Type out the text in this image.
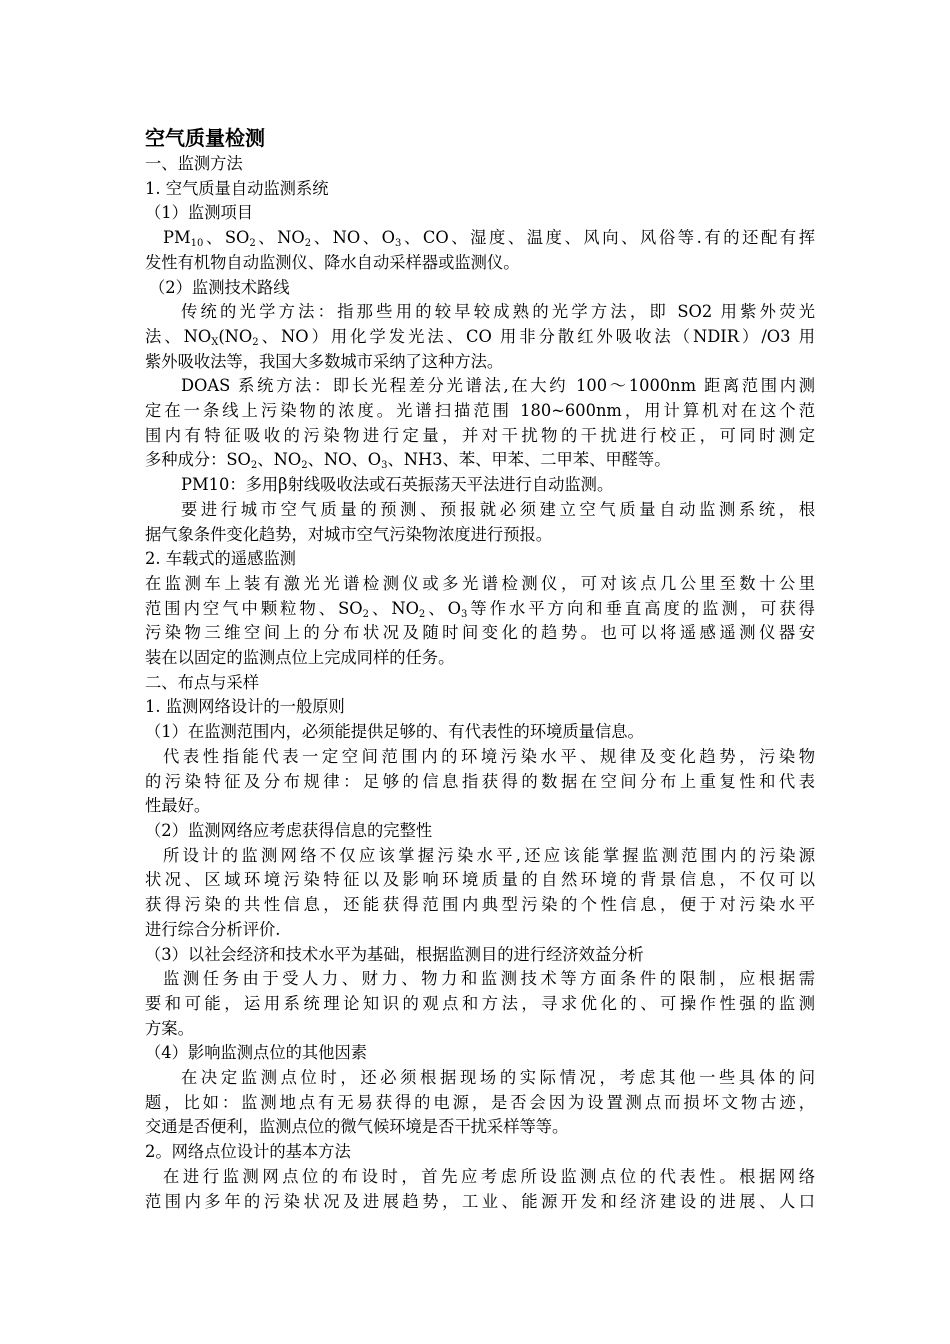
空气质量检测
一、监测方法
1. 空气质量自动监测系统
（1）监测项目
$PM_{10}$、$SO_2$、$NO_2$、NO、$O_3$、CO、湿度、温度、风向、风俗等.有的还配有挥
发性有机物自动监测仪、降水自动采样器或监测仪。
（2）监测技术路线
传统的光学方法：指那些用的较早较成熟的光学方法，即 SO2 用紫外荧光
法、$NO_X(NO_2$、NO）用化学发光法、CO 用非分散红外吸收法（NDIR）/O3 用
紫外吸收法等，我国大多数城市采纳了这种方法。
DOAS 系统方法：即长光程差分光谱法,在大约 100～1000nm 距离范围内测
定在一条线上污染物的浓度。光谱扫描范围 180~600nm，用计算机对在这个范
围内有特征吸收的污染物进行定量，并对干扰物的干扰进行校正，可同时测定
多种成分：$SO_2$、$NO_2$、NO、$O_3$、NH3、苯、甲苯、二甲苯、甲醛等。
PM10：多用β射线吸收法或石英振荡天平法进行自动监测。
要进行城市空气质量的预测、预报就必须建立空气质量自动监测系统，根
据气象条件变化趋势，对城市空气污染物浓度进行预报。
2. 车载式的遥感监测
在监测车上装有激光光谱检测仪或多光谱检测仪，可对该点几公里至数十公里
范围内空气中颗粒物、$SO_2$、$NO_2$、$O_3$等作水平方向和垂直高度的监测，可获得
污染物三维空间上的分布状况及随时间变化的趋势。也可以将遥感遥测仪器安
装在以固定的监测点位上完成同样的任务。
二、布点与采样
1. 监测网络设计的一般原则
（1）在监测范围内，必须能提供足够的、有代表性的环境质量信息。
代表性指能代表一定空间范围内的环境污染水平、规律及变化趋势，污染物
的污染特征及分布规律：足够的信息指获得的数据在空间分布上重复性和代表
性最好。
（2）监测网络应考虑获得信息的完整性
所设计的监测网络不仅应该掌握污染水平,还应该能掌握监测范围内的污染源
状况、区域环境污染特征以及影响环境质量的自然环境的背景信息，不仅可以
获得污染的共性信息，还能获得范围内典型污染的个性信息，便于对污染水平
进行综合分析评价.
（3）以社会经济和技术水平为基础，根据监测目的进行经济效益分析
监测任务由于受人力、财力、物力和监测技术等方面条件的限制，应根据需
要和可能，运用系统理论知识的观点和方法，寻求优化的、可操作性强的监测
方案。
（4）影响监测点位的其他因素
在决定监测点位时，还必须根据现场的实际情况，考虑其他一些具体的问
题，比如：监测地点有无易获得的电源，是否会因为设置测点而损坏文物古迹，
交通是否便利，监测点位的微气候环境是否干扰采样等等。
2。网络点位设计的基本方法
在进行监测网点位的布设时，首先应考虑所设监测点位的代表性。根据网络
范围内多年的污染状况及进展趋势，工业、能源开发和经济建设的进展、人口
